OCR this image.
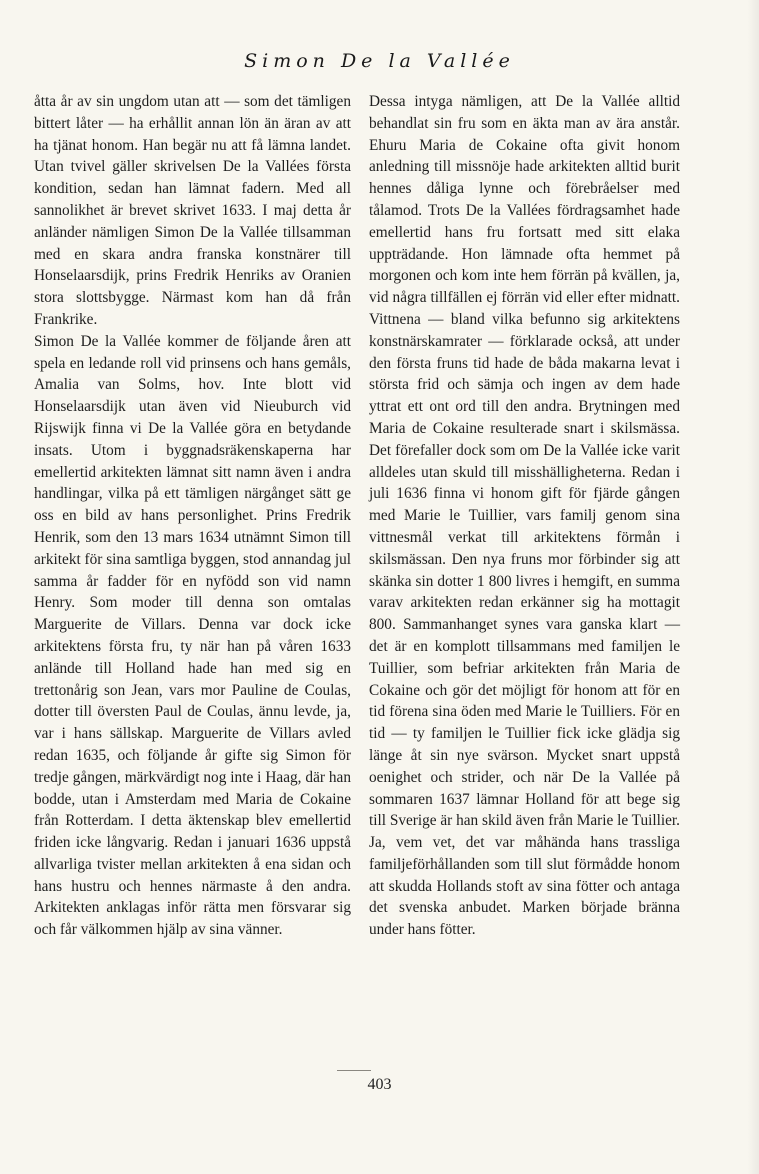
Simon De la Vallée

åtta år av sin ungdom utan att — som det tämligen bittert låter — ha erhållit annan lön än äran av att ha tjänat honom. Han begär nu att få lämna landet. Utan tvivel gäller skrivelsen De la Vallées första kondition, sedan han lämnat fadern. Med all sannolikhet är brevet skrivet 1633. I maj detta år anländer nämligen Simon De la Vallée tillsamman med en skara andra franska konstnärer till Honselaarsdijk, prins Fredrik Henriks av Oranien stora slottsbygge. Närmast kom han då från Frankrike.

Simon De la Vallée kommer de följande åren att spela en ledande roll vid prinsens och hans gemåls, Amalia van Solms, hov. Inte blott vid Honselaarsdijk utan även vid Nieuburch vid Rijswijk finna vi De la Vallée göra en betydande insats. Utom i byggnadsräkenskaperna har emellertid arkitekten lämnat sitt namn även i andra handlingar, vilka på ett tämligen närgånget sätt ge oss en bild av hans personlighet. Prins Fredrik Henrik, som den 13 mars 1634 utnämnt Simon till arkitekt för sina samtliga byggen, stod annandag jul samma år fadder för en nyfödd son vid namn Henry. Som moder till denna son omtalas Marguerite de Villars. Denna var dock icke arkitektens första fru, ty när han på våren 1633 anlände till Holland hade han med sig en trettonårig son Jean, vars mor Pauline de Coulas, dotter till översten Paul de Coulas, ännu levde, ja, var i hans sällskap. Marguerite de Villars avled redan 1635, och följande år gifte sig Simon för tredje gången, märkvärdigt nog inte i Haag, där han bodde, utan i Amsterdam med Maria de Cokaine från Rotterdam. I detta äktenskap blev emellertid friden icke långvarig. Redan i januari 1636 uppstå allvarliga tvister mellan arkitekten å ena sidan och hans hustru och hennes närmaste å den andra. Arkitekten anklagas inför rätta men försvarar sig och får välkommen hjälp av sina vänner.

Dessa intyga nämligen, att De la Vallée alltid behandlat sin fru som en äkta man av ära anstår. Ehuru Maria de Cokaine ofta givit honom anledning till missnöje hade arkitekten alltid burit hennes dåliga lynne och förebråelser med tålamod. Trots De la Vallées fördragsamhet hade emellertid hans fru fortsatt med sitt elaka uppträdande. Hon lämnade ofta hemmet på morgonen och kom inte hem förrän på kvällen, ja, vid några tillfällen ej förrän vid eller efter midnatt. Vittnena — bland vilka befunno sig arkitektens konstnärskamrater — förklarade också, att under den första fruns tid hade de båda makarna levat i största frid och sämja och ingen av dem hade yttrat ett ont ord till den andra. Brytningen med Maria de Cokaine resulterade snart i skilsmässa. Det förefaller dock som om De la Vallée icke varit alldeles utan skuld till misshälligheterna. Redan i juli 1636 finna vi honom gift för fjärde gången med Marie le Tuillier, vars familj genom sina vittnesmål verkat till arkitektens förmån i skilsmässan. Den nya fruns mor förbinder sig att skänka sin dotter 1 800 livres i hemgift, en summa varav arkitekten redan erkänner sig ha mottagit 800. Sammanhanget synes vara ganska klart — det är en komplott tillsammans med familjen le Tuillier, som befriar arkitekten från Maria de Cokaine och gör det möjligt för honom att för en tid förena sina öden med Marie le Tuilliers. För en tid — ty familjen le Tuillier fick icke glädja sig länge åt sin nye svärson. Mycket snart uppstå oenighet och strider, och när De la Vallée på sommaren 1637 lämnar Holland för att bege sig till Sverige är han skild även från Marie le Tuillier. Ja, vem vet, det var måhända hans trassliga familjeförhållanden som till slut förmådde honom att skudda Hollands stoft av sina fötter och antaga det svenska anbudet. Marken började bränna under hans fötter.

403
